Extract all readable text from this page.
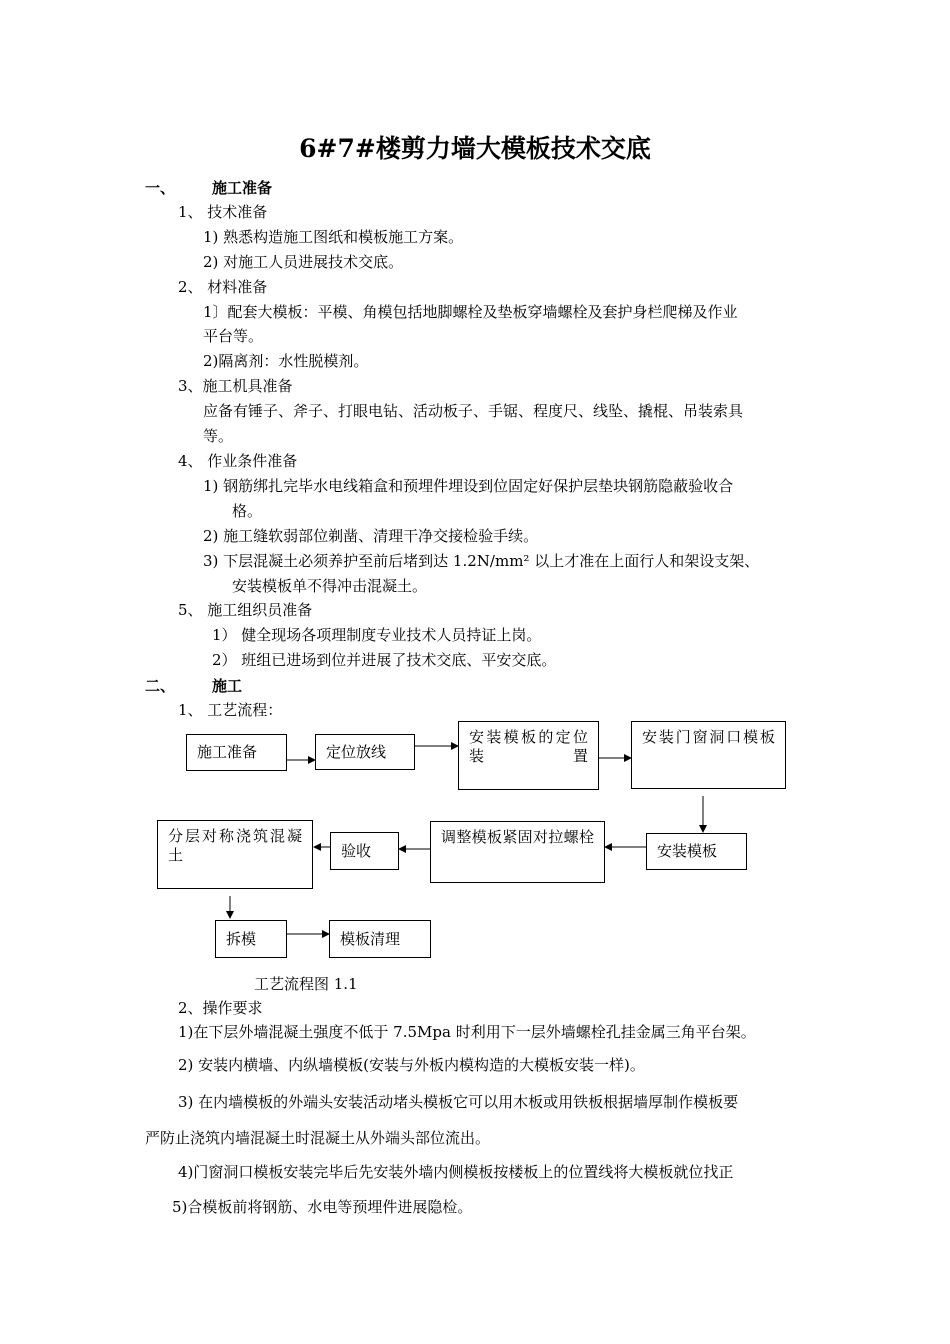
6#7#楼剪力墙大模板技术交底
一、 施工准备
1、 技术准备
1) 熟悉构造施工图纸和模板施工方案。
2) 对施工人员进展技术交底。
2、 材料准备
1〕配套大模板：平模、角模包括地脚螺栓及垫板穿墙螺栓及套护身栏爬梯及作业
平台等。
2)隔离剂：水性脱模剂。
3、施工机具准备
应备有锤子、斧子、打眼电钻、活动板子、手锯、程度尺、线坠、撬棍、吊装索具
等。
4、 作业条件准备
1) 钢筋绑扎完毕水电线箱盒和预埋件埋设到位固定好保护层垫块钢筋隐蔽验收合
格。
2) 施工缝软弱部位剃凿、清理干净交接检验手续。
3) 下层混凝土必须养护至前后堵到达 1.2N/mm² 以上才准在上面行人和架设支架、
安装模板单不得冲击混凝土。
5、 施工组织员准备
1） 健全现场各项理制度专业技术人员持证上岗。
2） 班组已进场到位并进展了技术交底、平安交底。
二、 施工
1、 工艺流程：
施工准备	定位放线
安装模板的定位装置
安装门窗洞口模板
安装模板
调整模板紧固对拉螺栓
验收
分层对称浇筑混凝土
拆模	模板清理
工艺流程图 1.1
2、操作要求
1)在下层外墙混凝土强度不低于 7.5Mpa 时利用下一层外墙螺栓孔挂金属三角平台架。
2) 安装内横墙、内纵墙模板(安装与外板内模构造的大模板安装一样)。
3) 在内墙模板的外端头安装活动堵头模板它可以用木板或用铁板根据墙厚制作模板要
严防止浇筑内墙混凝土时混凝土从外端头部位流出。
4)门窗洞口模板安装完毕后先安装外墙内侧模板按楼板上的位置线将大模板就位找正
5)合模板前将钢筋、水电等预埋件进展隐检。
